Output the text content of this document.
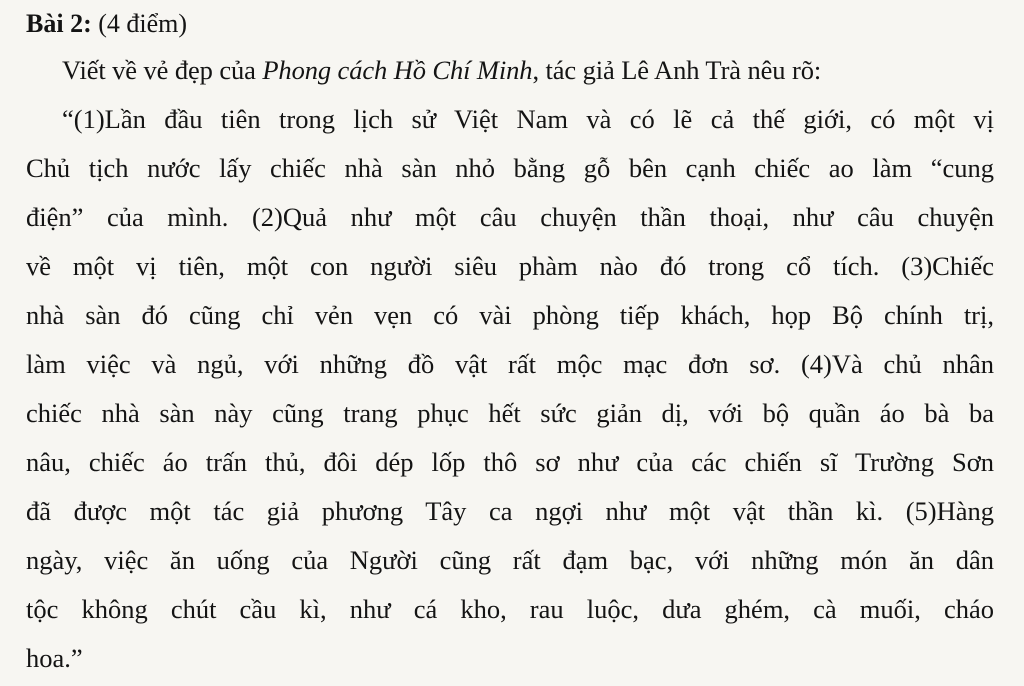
Bài 2: (4 điểm)

Viết về vẻ đẹp của Phong cách Hồ Chí Minh, tác giả Lê Anh Trà nêu rõ:

“(1)Lần đầu tiên trong lịch sử Việt Nam và có lẽ cả thế giới, có một vị

Chủ tịch nước lấy chiếc nhà sàn nhỏ bằng gỗ bên cạnh chiếc ao làm “cung

điện” của mình. (2)Quả như một câu chuyện thần thoại, như câu chuyện

về một vị tiên, một con người siêu phàm nào đó trong cổ tích. (3)Chiếc

nhà sàn đó cũng chỉ vẻn vẹn có vài phòng tiếp khách, họp Bộ chính trị,

làm việc và ngủ, với những đồ vật rất mộc mạc đơn sơ. (4)Và chủ nhân

chiếc nhà sàn này cũng trang phục hết sức giản dị, với bộ quần áo bà ba

nâu, chiếc áo trấn thủ, đôi dép lốp thô sơ như của các chiến sĩ Trường Sơn

đã được một tác giả phương Tây ca ngợi như một vật thần kì. (5)Hàng

ngày, việc ăn uống của Người cũng rất đạm bạc, với những món ăn dân

tộc không chút cầu kì, như cá kho, rau luộc, dưa ghém, cà muối, cháo

hoa.”
